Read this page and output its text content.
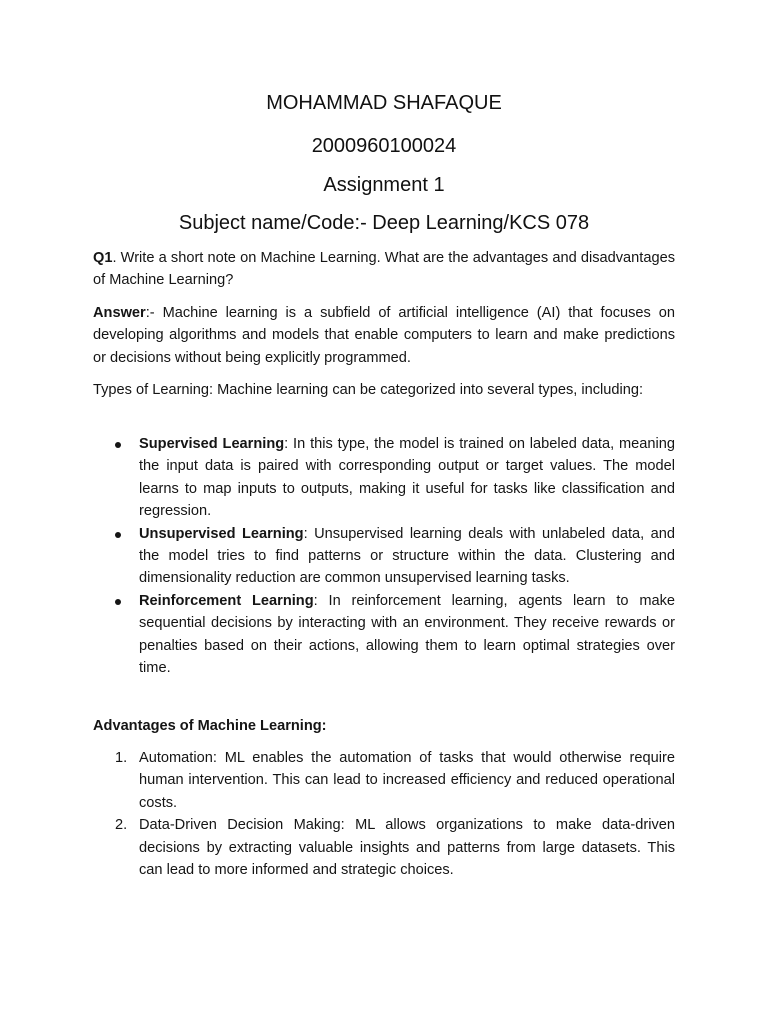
MOHAMMAD SHAFAQUE
2000960100024
Assignment 1
Subject name/Code:- Deep Learning/KCS 078
Q1. Write a short note on Machine Learning. What are the advantages and disadvantages of Machine Learning?
Answer:- Machine learning is a subfield of artificial intelligence (AI) that focuses on developing algorithms and models that enable computers to learn and make predictions or decisions without being explicitly programmed.
Types of Learning: Machine learning can be categorized into several types, including:
Supervised Learning: In this type, the model is trained on labeled data, meaning the input data is paired with corresponding output or target values. The model learns to map inputs to outputs, making it useful for tasks like classification and regression.
Unsupervised Learning: Unsupervised learning deals with unlabeled data, and the model tries to find patterns or structure within the data. Clustering and dimensionality reduction are common unsupervised learning tasks.
Reinforcement Learning: In reinforcement learning, agents learn to make sequential decisions by interacting with an environment. They receive rewards or penalties based on their actions, allowing them to learn optimal strategies over time.
Advantages of Machine Learning:
1. Automation: ML enables the automation of tasks that would otherwise require human intervention. This can lead to increased efficiency and reduced operational costs.
2. Data-Driven Decision Making: ML allows organizations to make data-driven decisions by extracting valuable insights and patterns from large datasets. This can lead to more informed and strategic choices.
